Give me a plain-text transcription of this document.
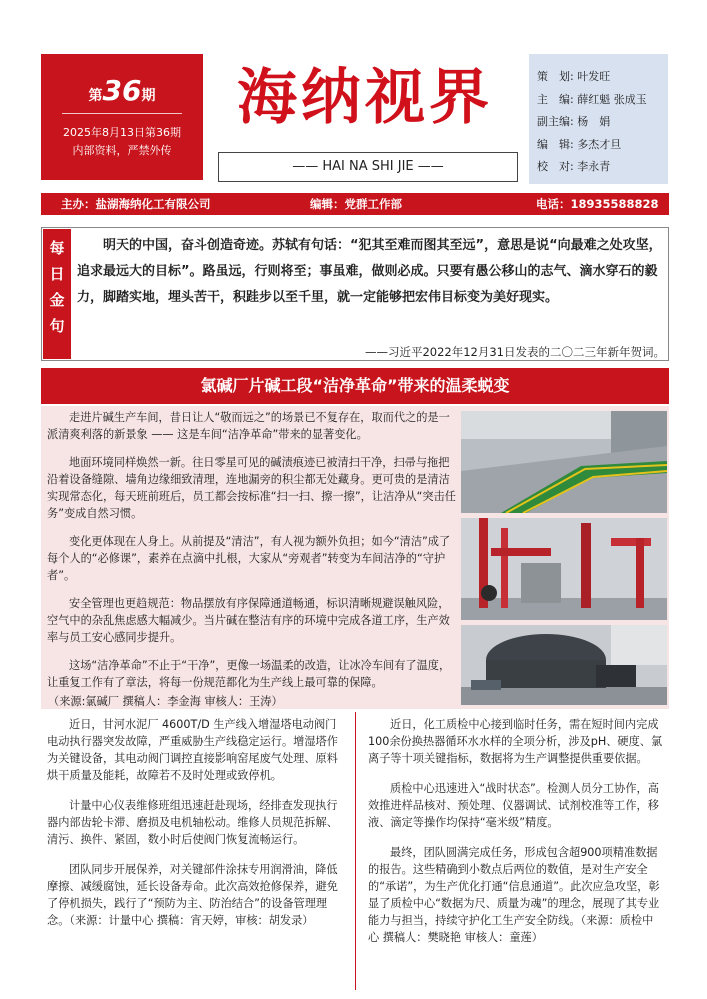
第36期
2025年8月13日第36期
内部资料，严禁外传
海纳视界
—— HAI NA SHI JIE ——
策　划: 叶发旺
主　编: 薛红魁 张成玉
副主编: 杨　娟
编　辑: 多杰才旦
校　对: 李永青
主办：盐湖海纳化工有限公司	编辑：党群工作部	电话：18935588828
每
日
金
句
明天的中国，奋斗创造奇迹。苏轼有句话：“犯其至难而图其至远”，意思是说“向最难之处攻坚，追求最远大的目标”。路虽远，行则将至；事虽难，做则必成。只要有愚公移山的志气、滴水穿石的毅力，脚踏实地，埋头苦干，积跬步以至千里，就一定能够把宏伟目标变为美好现实。
——习近平2022年12月31日发表的二〇二三年新年贺词。
氯碱厂片碱工段“洁净革命”带来的温柔蜕变

走进片碱生产车间，昔日让人“敬而远之”的场景已不复存在，取而代之的是一派清爽利落的新景象 —— 这是车间“洁净革命”带来的显著变化。

地面环境同样焕然一新。往日零星可见的碱渍痕迹已被清扫干净，扫帚与拖把沿着设备缝隙、墙角边缘细致清理，连地漏旁的积尘都无处藏身。更可贵的是清洁实现常态化，每天班前班后，员工都会按标准“扫一扫、擦一擦”，让洁净从“突击任务”变成自然习惯。

变化更体现在人身上。从前提及“清洁”，有人视为额外负担；如今“清洁”成了每个人的“必修课”，素养在点滴中扎根，大家从“旁观者”转变为车间洁净的“守护者”。

安全管理也更趋规范：物品摆放有序保障通道畅通，标识清晰规避误触风险，空气中的杂乱焦虑感大幅减少。当片碱在整洁有序的环境中完成各道工序，生产效率与员工安心感同步提升。

这场“洁净革命”不止于“干净”，更像一场温柔的改造，让冰冷车间有了温度，让重复工作有了章法，将每一份规范都化为生产线上最可靠的保障。

（来源:氯碱厂 撰稿人：李金海 审核人：王涛）

近日，甘河水泥厂 4600T/D 生产线入增湿塔电动阀门电动执行器突发故障，严重威胁生产线稳定运行。增湿塔作为关键设备，其电动阀门调控直接影响窑尾废气处理、原料烘干质量及能耗，故障若不及时处理或致停机。

计量中心仪表维修班组迅速赶赴现场，经排查发现执行器内部齿轮卡滞、磨损及电机轴松动。维修人员规范拆解、清污、换件、紧固，数小时后使阀门恢复流畅运行。

团队同步开展保养，对关键部件涂抹专用润滑油，降低摩擦、减缓腐蚀，延长设备寿命。此次高效抢修保养，避免了停机损失，践行了“预防为主、防治结合”的设备管理理念。（来源：计量中心 撰稿：宵天婷，审核：胡发录）

近日，化工质检中心接到临时任务，需在短时间内完成100余份换热器循环水水样的全项分析，涉及pH、硬度、氯离子等十项关键指标，数据将为生产调整提供重要依据。

质检中心迅速进入“战时状态”。检测人员分工协作，高效推进样品核对、预处理、仪器调试、试剂校准等工作，移液、滴定等操作均保持“毫米级”精度。

最终，团队圆满完成任务，形成包含超900项精准数据的报告。这些精确到小数点后两位的数值，是对生产安全的“承诺”，为生产优化打通“信息通道”。此次应急攻坚，彰显了质检中心“数据为尺、质量为魂”的理念，展现了其专业能力与担当，持续守护化工生产安全防线。（来源：质检中心 撰稿人：樊晓艳 审核人：童莲）
